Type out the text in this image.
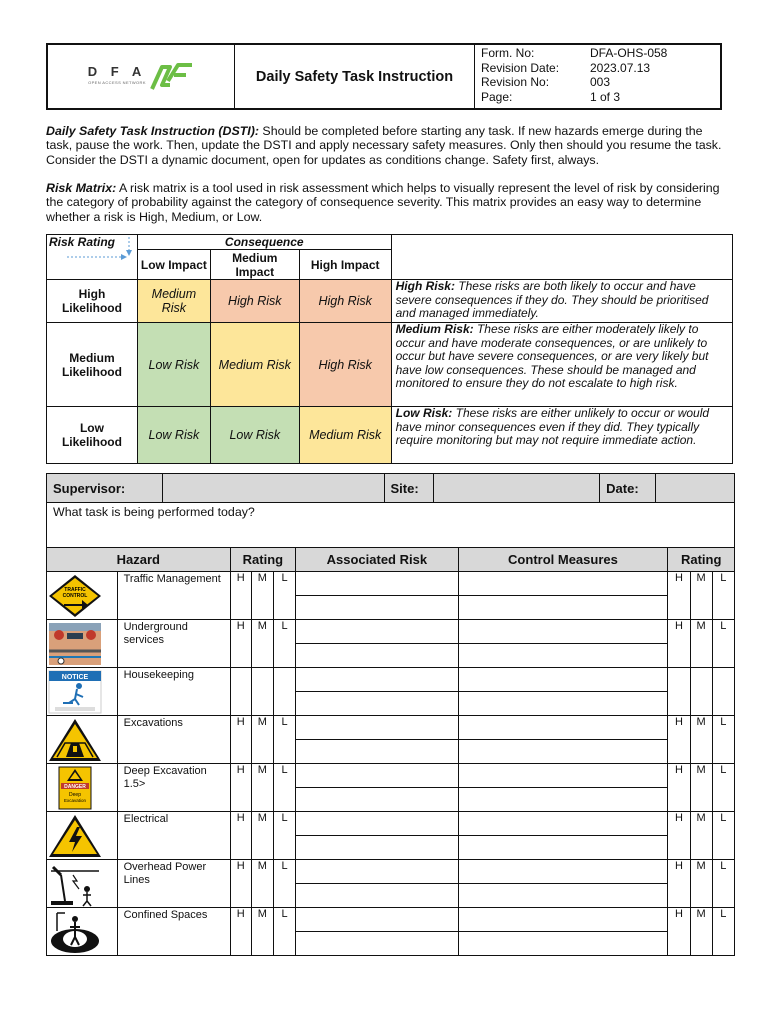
D F A
OPEN ACCESS NETWORK	Daily Safety Task Instruction
Form. No:	DFA-OHS-058
Revision Date:	2023.07.13
Revision No:	003
Page:	1 of 3
Daily Safety Task Instruction (DSTI): Should be completed before starting any task. If new hazards emerge during the task, pause the work. Then, update the DSTI and apply necessary safety measures. Only then should you resume the task. Consider the DSTI a dynamic document, open for updates as conditions change. Safety first, always.
Risk Matrix: A risk matrix is a tool used in risk assessment which helps to visually represent the level of risk by considering the category of probability against the category of consequence severity. This matrix provides an easy way to determine whether a risk is High, Medium, or Low.
Risk Rating	Consequence			
	Low Impact	Medium Impact	High Impact	
High Likelihood	Medium Risk	High Risk	High Risk	High Risk: These risks are both likely to occur and have severe consequences if they do. They should be prioritised and managed immediately.
Medium Likelihood	Low Risk	Medium Risk	High Risk	Medium Risk: These risks are either moderately likely to occur and have moderate consequences, or are unlikely to occur but have severe consequences, or are very likely but have low consequences. These should be managed and monitored to ensure they do not escalate to high risk.
Low Likelihood	Low Risk	Low Risk	Medium Risk	Low Risk: These risks are either unlikely to occur or would have minor consequences even if they did. They typically require monitoring but may not require immediate action.
Supervisor:		Site:		Date:	
What task is being performed today?
Hazard		Rating			Associated Risk	Control Measures	Rating		

TRAFFIC
CONTROL	Traffic Management	H	M	L			H	M	L

	Underground services	H	M	L			H	M	L

NOTICE	Housekeeping								

	Excavations	H	M	L			H	M	L

DANGER
Deep
Excavation	Deep Excavation 1.5>	H	M	L			H	M	L

	Electrical	H	M	L			H	M	L

	Overhead Power Lines	H	M	L			H	M	L

	Confined Spaces	H	M	L			H	M	L
